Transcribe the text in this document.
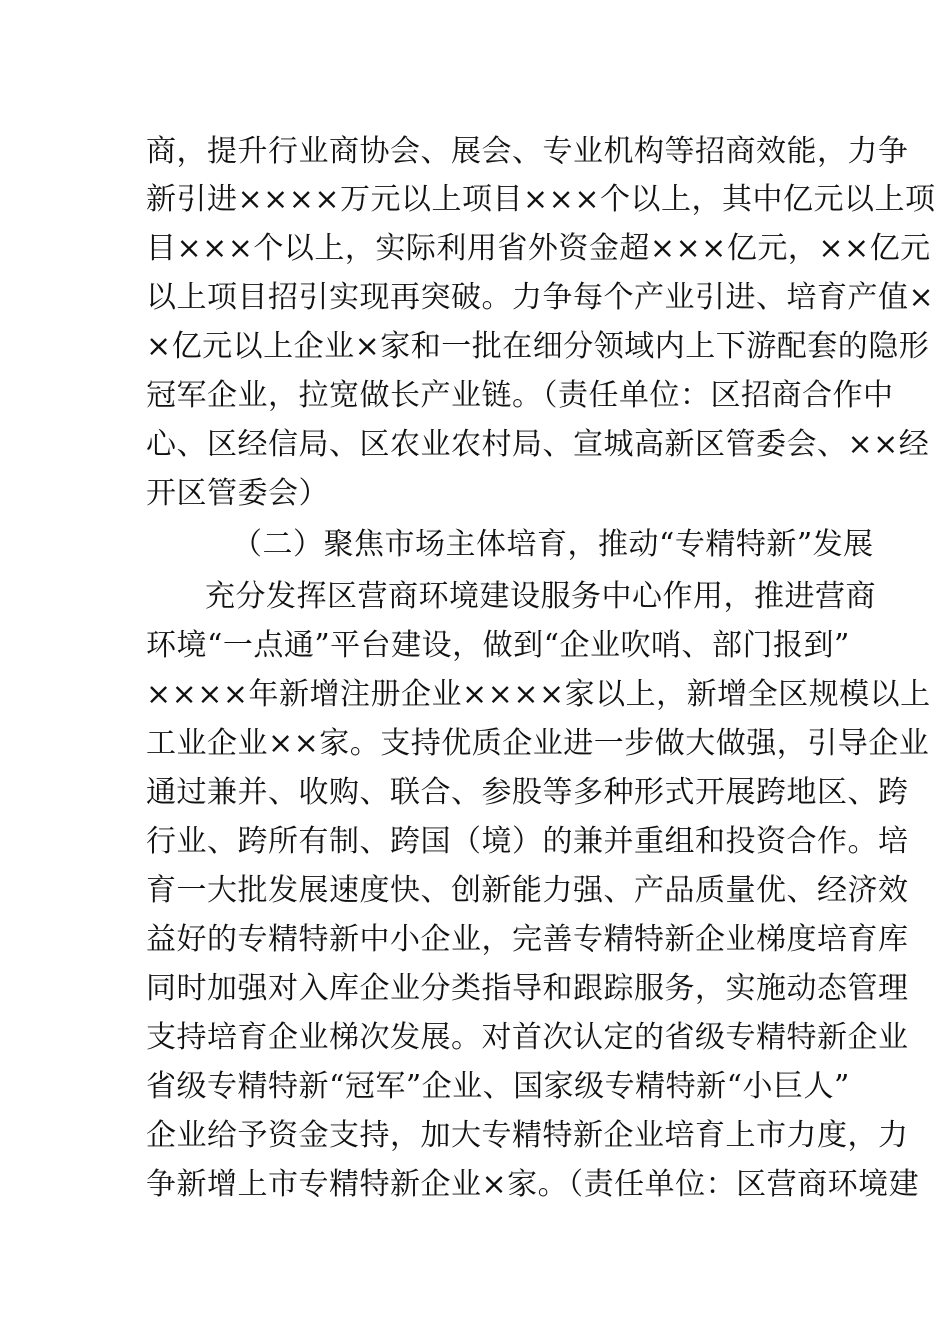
商，提升行业商协会、展会、专业机构等招商效能，力争
新引进××××万元以上项目×××个以上，其中亿元以上项
目×××个以上，实际利用省外资金超×××亿元，××亿元
以上项目招引实现再突破。力争每个产业引进、培育产值×
×亿元以上企业×家和一批在细分领域内上下游配套的隐形
冠军企业，拉宽做长产业链。（责任单位：区招商合作中
心、区经信局、区农业农村局、宣城高新区管委会、××经
开区管委会）
（二）聚焦市场主体培育，推动“专精特新”发展
充分发挥区营商环境建设服务中心作用，推进营商
环境“一点通”平台建设，做到“企业吹哨、部门报到”
××××年新增注册企业××××家以上，新增全区规模以上
工业企业××家。支持优质企业进一步做大做强，引导企业
通过兼并、收购、联合、参股等多种形式开展跨地区、跨
行业、跨所有制、跨国（境）的兼并重组和投资合作。培
育一大批发展速度快、创新能力强、产品质量优、经济效
益好的专精特新中小企业，完善专精特新企业梯度培育库
同时加强对入库企业分类指导和跟踪服务，实施动态管理
支持培育企业梯次发展。对首次认定的省级专精特新企业
省级专精特新“冠军”企业、国家级专精特新“小巨人”
企业给予资金支持，加大专精特新企业培育上市力度，力
争新增上市专精特新企业×家。（责任单位：区营商环境建
